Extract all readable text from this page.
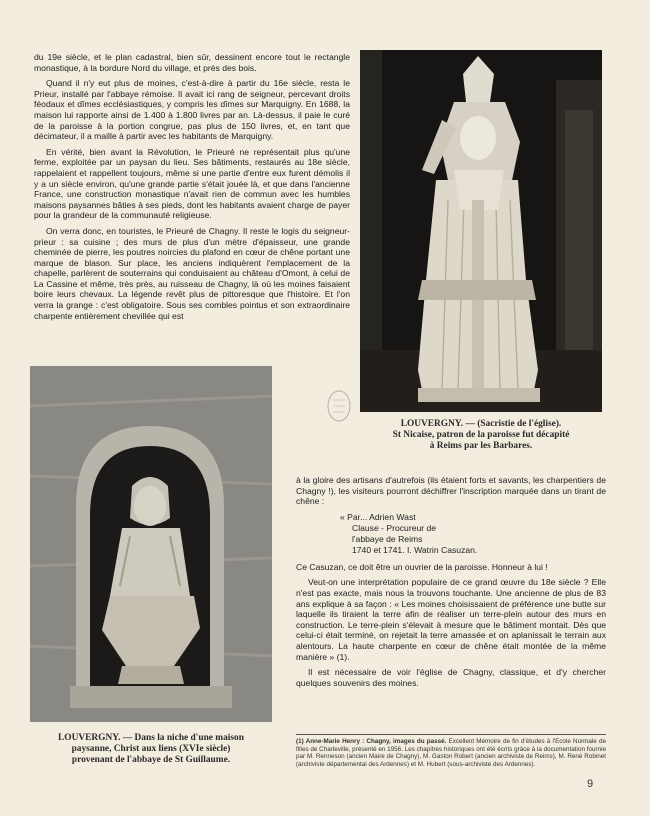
du 19e siècle, et le plan cadastral, bien sûr, dessinent encore tout le rectangle monastique, à la bordure Nord du village, et près des bois.

Quand il n'y eut plus de moines, c'est-à-dire à partir du 16e siècle, resta le Prieur, installé par l'abbaye rémoise. Il avait ici rang de seigneur, percevant droits féodaux et dîmes ecclésiastiques, y compris les dîmes sur Marquigny. En 1688, la maison lui rapporte ainsi de 1.400 à 1.800 livres par an. Là-dessus, il paie le curé de la paroisse à la portion congrue, pas plus de 150 livres, et, en tant que décimateur, il a maille à partir avec les habitants de Marquigny.

En vérité, bien avant la Révolution, le Prieuré ne représentait plus qu'une ferme, exploitée par un paysan du lieu. Ses bâtiments, restaurés au 18e siècle, rappelaient et rappellent toujours, même si une partie d'entre eux furent démolis il y a un siècle environ, qu'une grande partie s'était jouée là, et que dans l'ancienne France, une construction monastique n'avait rien de commun avec les humbles maisons paysannes bâties à ses pieds, dont les habitants avaient charge de payer pour la grandeur de la communauté religieuse.

On verra donc, en touristes, le Prieuré de Chagny. Il reste le logis du seigneur-prieur : sa cuisine ; des murs de plus d'un mètre d'épaisseur, une grande cheminée de pierre, les poutres noircies du plafond en cœur de chêne portant une marque de blason. Sur place, les anciens indiquèrent l'emplacement de la chapelle, parlèrent de souterrains qui conduisaient au château d'Omont, à celui de La Cassine et même, très près, au ruisseau de Chagny, là où les moines faisaient boire leurs chevaux. La légende revêt plus de pittoresque que l'histoire. Et l'on verra la grange : c'est obligatoire. Sous ses combles pointus et son extraordinaire charpente entièrement chevillée qui est

LOUVERGNY. — (Sacristie de l'église).
St Nicaise, patron de la paroisse fut décapité
à Reims par les Barbares.
LOUVERGNY. — Dans la niche d'une maison
paysanne, Christ aux liens (XVIe siècle)
provenant de l'abbaye de St Guillaume.

à la gloire des artisans d'autrefois (ils étaient forts et savants, les charpentiers de Chagny !), les visiteurs pourront déchiffrer l'inscription marquée dans un tirant de chêne :

« Par... Adrien Wast
Clause - Procureur de
l'abbaye de Reims
1740 et 1741. I. Watrin Casuzan.

Ce Casuzan, ce doit être un ouvrier de la paroisse. Honneur à lui !

Veut-on une interprétation populaire de ce grand œuvre du 18e siècle ? Elle n'est pas exacte, mais nous la trouvons touchante. Une ancienne de plus de 83 ans explique à sa façon : « Les moines choisissaient de préférence une butte sur laquelle ils tiraient la terre afin de réaliser un terre-plein autour des murs en construction. Le terre-plein s'élevait à mesure que le bâtiment montait. Dès que celui-ci était terminé, on rejetait la terre amassée et on aplanissait le terrain aux alentours. La haute charpente en cœur de chêne était montée de la même manière » (1).

Il est nécessaire de voir l'église de Chagny, classique, et d'y chercher quelques souvenirs des moines.

(1) Anne-Marie Henry : Chagny, images du passé. Excellent Mémoire de fin d'études à l'Ecole Normale de filles de Charleville, présenté en 1956. Les chapitres historiques ont été écrits grâce à la documentation fournie par M. Renneson (ancien Maire de Chagny), M. Gaston Robert (ancien archiviste de Reims), M. René Robinet (archiviste départemental des Ardennes) et M. Hubert (sous-archiviste des Ardennes).
9
